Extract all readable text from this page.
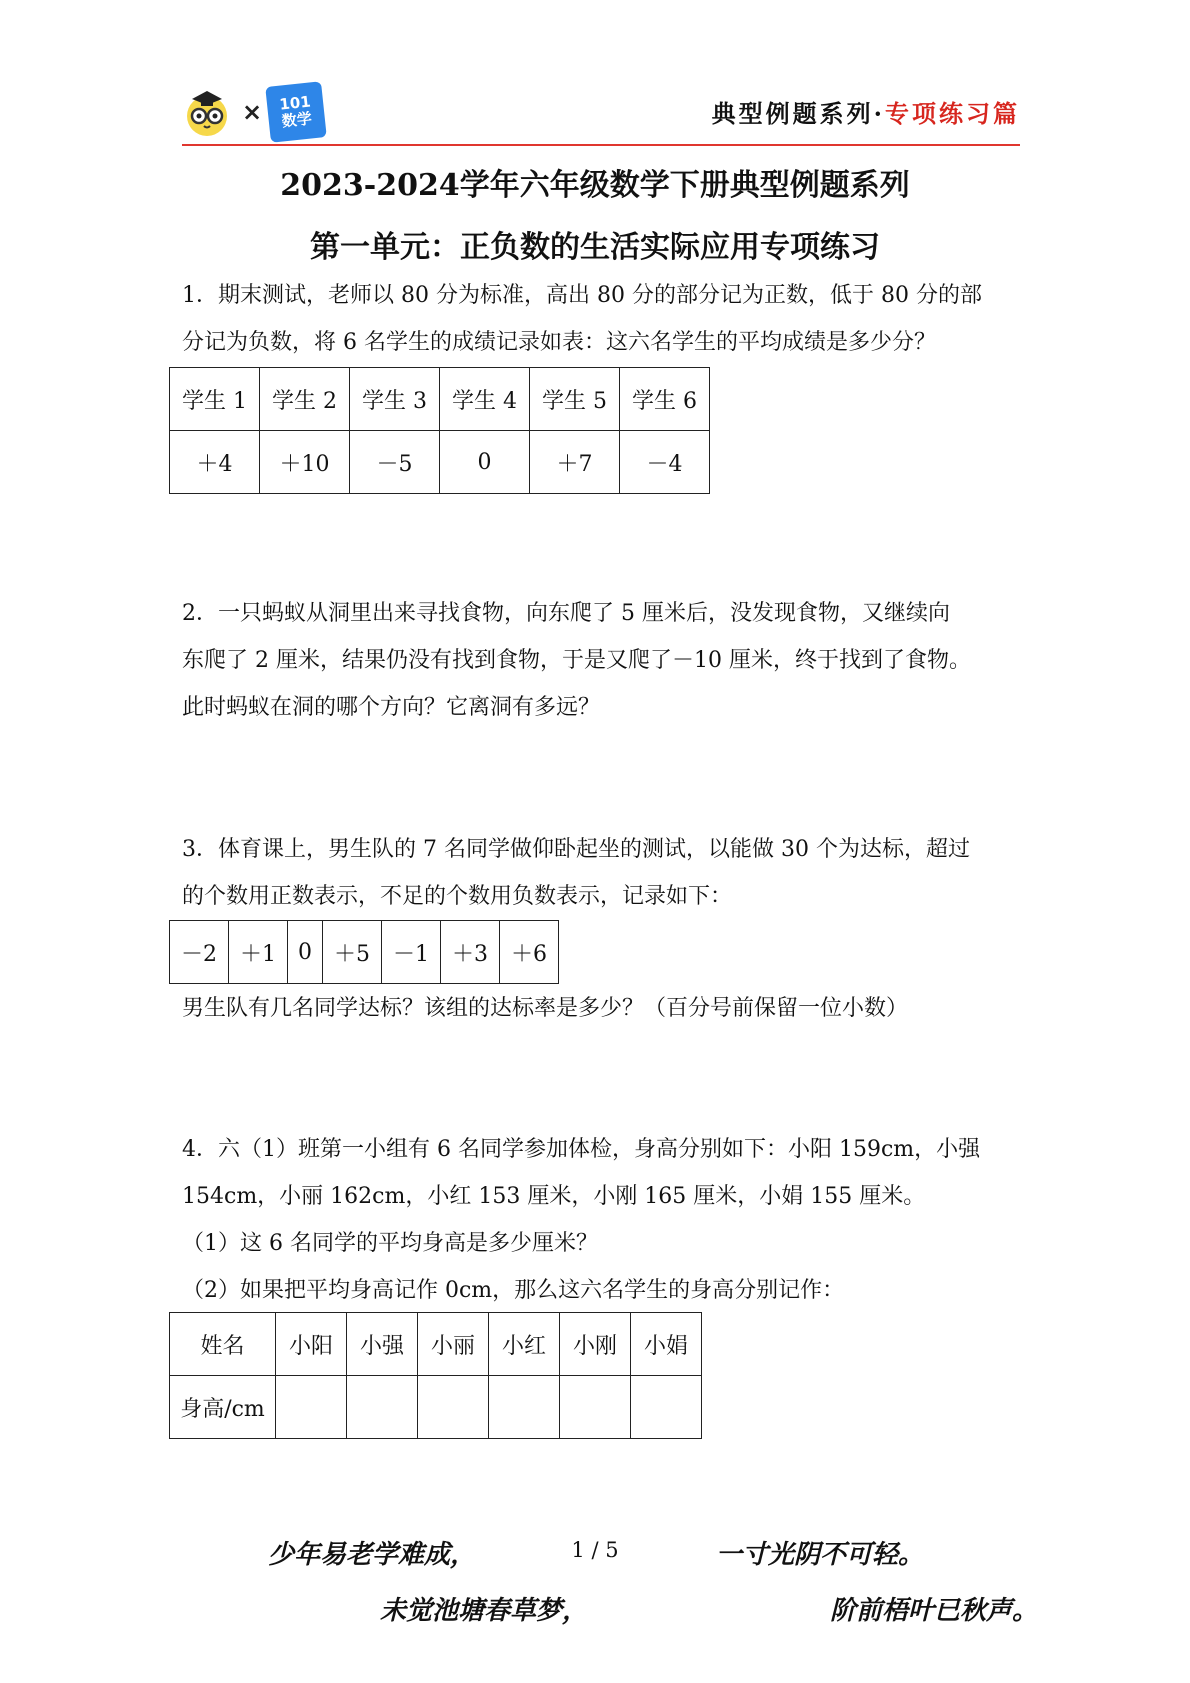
× 101
数学	典型例题系列·专项练习篇
2023-2024学年六年级数学下册典型例题系列
第一单元：正负数的生活实际应用专项练习
1．期末测试，老师以 80 分为标准，高出 80 分的部分记为正数，低于 80 分的部
分记为负数，将 6 名学生的成绩记录如表：这六名学生的平均成绩是多少分？
学生 1	学生 2	学生 3	学生 4	学生 5	学生 6
＋4	＋10	－5	0	＋7	－4
2．一只蚂蚁从洞里出来寻找食物，向东爬了 5 厘米后，没发现食物，又继续向
东爬了 2 厘米，结果仍没有找到食物，于是又爬了－10 厘米，终于找到了食物。
此时蚂蚁在洞的哪个方向？它离洞有多远？
3．体育课上，男生队的 7 名同学做仰卧起坐的测试，以能做 30 个为达标，超过
的个数用正数表示，不足的个数用负数表示，记录如下：
－2	＋1	0	＋5	－1	＋3	＋6
男生队有几名同学达标？该组的达标率是多少？（百分号前保留一位小数）
4．六（1）班第一小组有 6 名同学参加体检，身高分别如下：小阳 159cm，小强
154cm，小丽 162cm，小红 153 厘米，小刚 165 厘米，小娟 155 厘米。
（1）这 6 名同学的平均身高是多少厘米？
（2）如果把平均身高记作 0cm，那么这六名学生的身高分别记作：
姓名	小阳	小强	小丽	小红	小刚	小娟
身高/cm						
少年易老学难成，	1 / 5	一寸光阴不可轻。
未觉池塘春草梦，	阶前梧叶已秋声。
